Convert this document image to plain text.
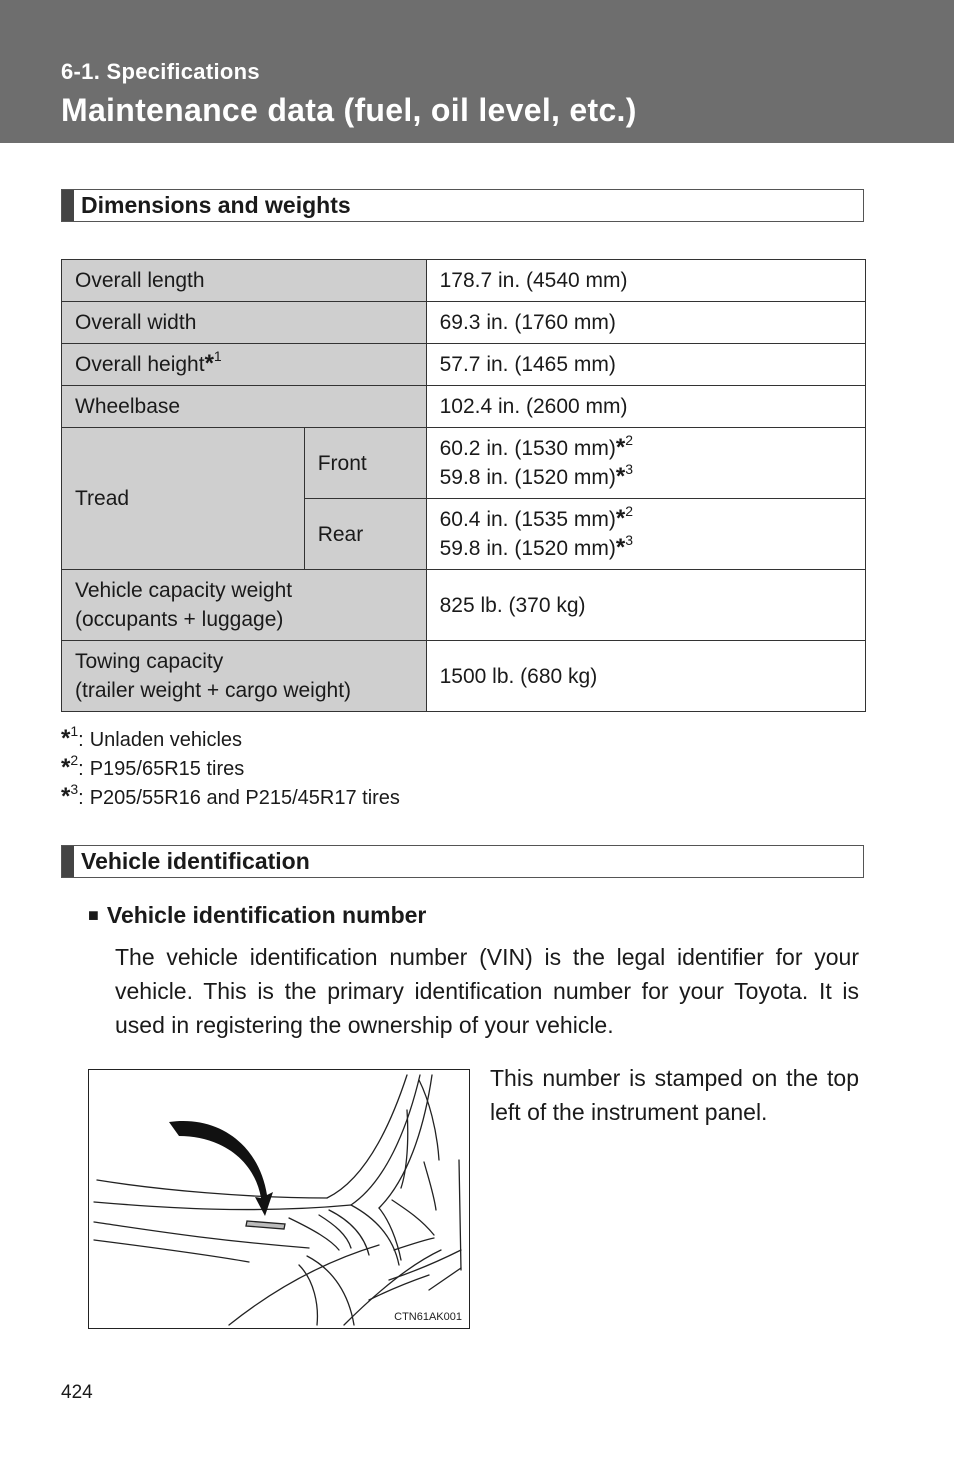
6-1. Specifications
Maintenance data (fuel, oil level, etc.)
Dimensions and weights
Overall length		178.7 in. (4540 mm)
Overall width		69.3 in. (1760 mm)
Overall height*$^1$		57.7 in. (1465 mm)
Wheelbase		102.4 in. (2600 mm)
Tread	Front	60.2 in. (1530 mm)*$^2$
59.8 in. (1520 mm)*$^3$

	Rear	60.4 in. (1535 mm)*$^2$
59.8 in. (1520 mm)*$^3$

Vehicle capacity weight
(occupants + luggage)		825 lb. (370 kg)

Towing capacity
(trailer weight + cargo weight)		1500 lb. (680 kg)
*$^1$: Unladen vehicles
*$^2$: P195/65R15 tires
*$^3$: P205/55R16 and P215/45R17 tires
Vehicle identification
■ Vehicle identification number

The vehicle identification number (VIN) is the legal identifier for your vehicle. This is the primary identification number for your Toyota. It is used in registering the ownership of your vehicle.

CTN61AK001

This number is stamped on the top left of the instrument panel.

424
